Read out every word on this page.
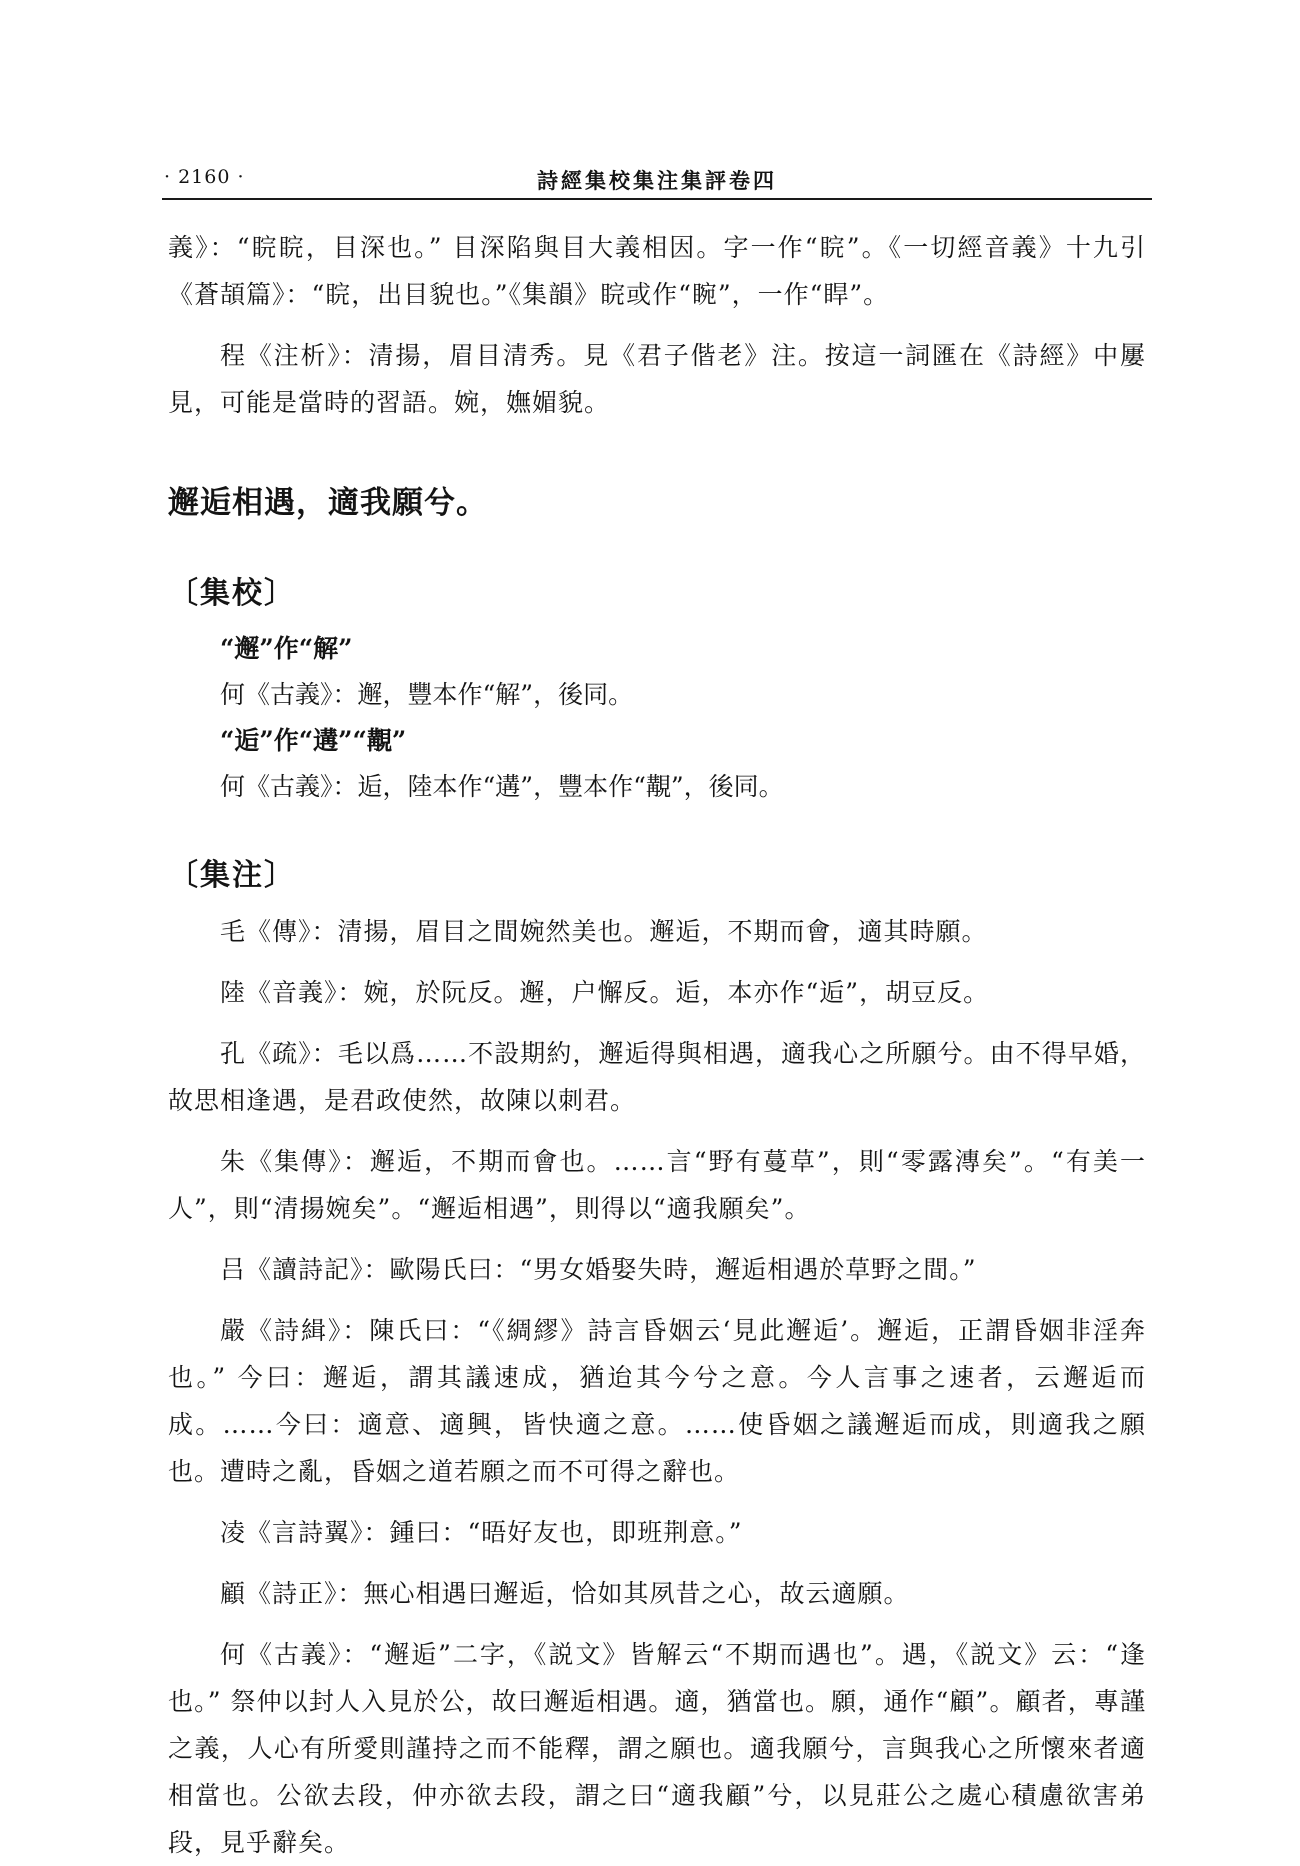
· 2160 ·	詩經集校集注集評卷四

義》：“睆睆，目深也。” 目深陷與目大義相因。字一作“睆”。《一切經音義》十九引《蒼頡篇》：“睆，出目貌也。”《集韻》睆或作“睕”，一作“睅”。

程《注析》：清揚，眉目清秀。見《君子偕老》注。按這一詞匯在《詩經》中屢見，可能是當時的習語。婉，嫵媚貌。

邂逅相遇，適我願兮。
〔集校〕
“邂”作“解”
何《古義》：邂，豐本作“解”，後同。
“逅”作“遘”“覯”
何《古義》：逅，陸本作“遘”，豐本作“覯”，後同。
〔集注〕

毛《傳》：清揚，眉目之間婉然美也。邂逅，不期而會，適其時願。

陸《音義》：婉，於阮反。邂，户懈反。逅，本亦作“逅”，胡豆反。

孔《疏》：毛以爲……不設期約，邂逅得與相遇，適我心之所願兮。由不得早婚，故思相逢遇，是君政使然，故陳以刺君。

朱《集傳》：邂逅，不期而會也。……言“野有蔓草”，則“零露漙矣”。“有美一人”，則“清揚婉矣”。“邂逅相遇”，則得以“適我願矣”。

吕《讀詩記》：歐陽氏曰：“男女婚娶失時，邂逅相遇於草野之間。”

嚴《詩緝》：陳氏曰：“《綢繆》詩言昏姻云‘見此邂逅’。邂逅，正謂昏姻非淫奔也。” 今曰：邂逅，謂其議速成，猶迨其今兮之意。今人言事之速者，云邂逅而成。……今曰：適意、適興，皆快適之意。……使昏姻之議邂逅而成，則適我之願也。遭時之亂，昏姻之道若願之而不可得之辭也。

凌《言詩翼》：鍾曰：“晤好友也，即班荆意。”

顧《詩正》：無心相遇曰邂逅，恰如其夙昔之心，故云適願。

何《古義》：“邂逅”二字，《説文》皆解云“不期而遇也”。遇，《説文》云：“逢也。” 祭仲以封人入見於公，故曰邂逅相遇。適，猶當也。願，通作“顧”。顧者，專謹之義，人心有所愛則謹持之而不能釋，謂之願也。適我願兮，言與我心之所懷來者適相當也。公欲去段，仲亦欲去段，謂之曰“適我顧”兮，以見莊公之處心積慮欲害弟段，見乎辭矣。
